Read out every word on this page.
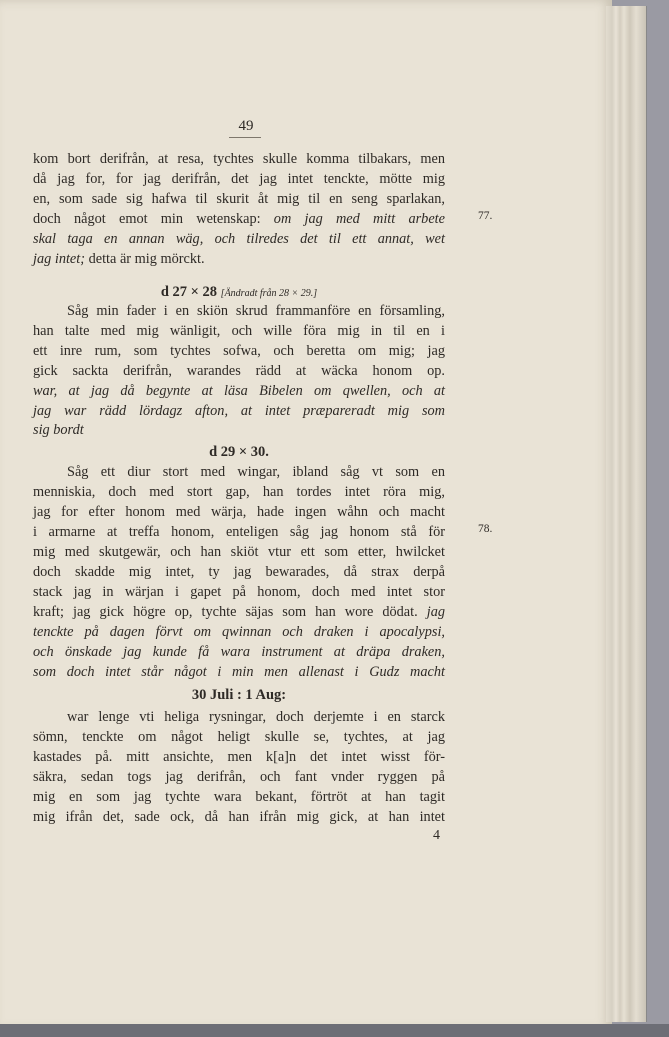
49
kom bort derifrån, at resa, tychtes skulle komma tilbakars, men
då jag for, for jag derifrån, det jag intet tenckte, mötte mig
en, som sade sig hafwa til skurit åt mig til en seng sparlakan,
doch något emot min wetenskap: om jag med mitt arbete
skal taga en annan wäg, och tilredes det til ett annat, wet
jag intet; detta är mig mörckt.
d 27 × 28 [Ändradt från 28 × 29.]
Såg min fader i en skiön skrud frammanföre en församling,
han talte med mig wänligit, och wille föra mig in til en i
ett inre rum, som tychtes sofwa, och beretta om mig; jag
gick sackta derifrån, warandes rädd at wäcka honom op.
war, at jag då begynte at läsa Bibelen om qwellen, och at
jag war rädd lördagz afton, at intet præpareradt mig som
sig bordt
d 29 × 30.
Såg ett diur stort med wingar, ibland såg vt som en
menniskia, doch med stort gap, han tordes intet röra mig,
jag for efter honom med wärja, hade ingen wåhn och macht
i armarne at treffa honom, enteligen såg jag honom stå för
mig med skutgewär, och han skiöt vtur ett som etter, hwilcket
doch skadde mig intet, ty jag bewarades, då strax derpå
stack jag in wärjan i gapet på honom, doch med intet stor
kraft; jag gick högre op, tychte säjas som han wore dödat. jag
tenckte på dagen förvt om qwinnan och draken i apocalypsi,
och önskade jag kunde få wara instrument at dräpa draken,
som doch intet står något i min men allenast i Gudz macht
30 Juli : 1 Aug:
war lenge vti heliga rysningar, doch derjemte i en starck
sömn, tenckte om något heligt skulle se, tychtes, at jag
kastades på. mitt ansichte, men k[a]n det intet wisst för-
säkra, sedan togs jag derifrån, och fant vnder ryggen på
mig en som jag tychte wara bekant, förtröt at han tagit
mig ifrån det, sade ock, då han ifrån mig gick, at han intet
4
77.
78.
